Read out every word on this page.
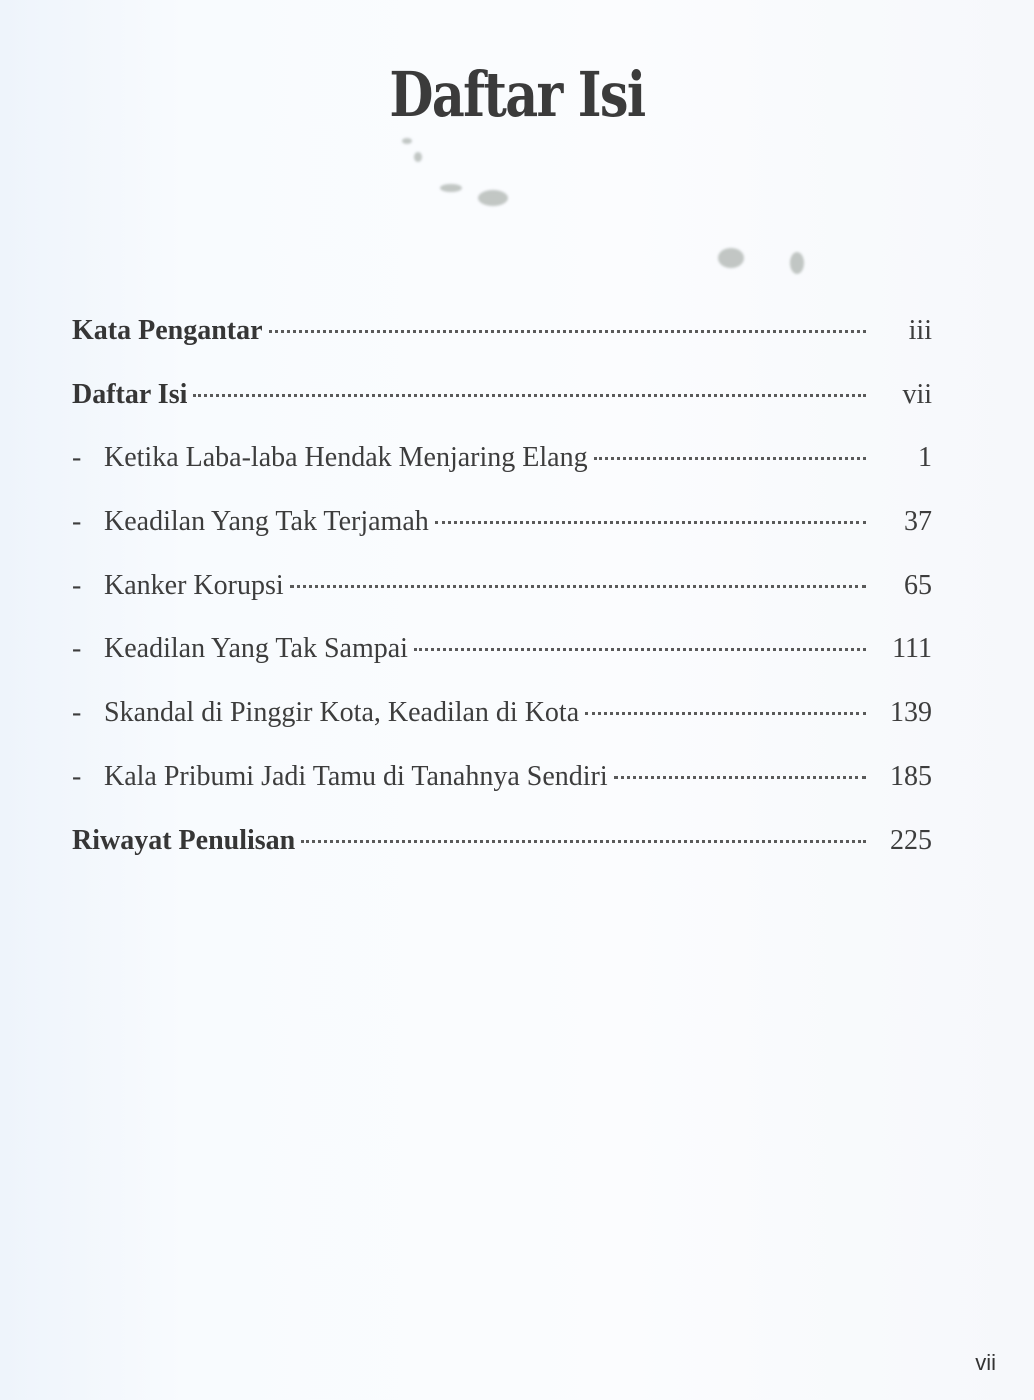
Daftar Isi
Kata Pengantar	iii
Daftar Isi	vii
- Ketika Laba-laba Hendak Menjaring Elang	1
- Keadilan Yang Tak Terjamah	37
- Kanker Korupsi	65
- Keadilan Yang Tak Sampai	111
- Skandal di Pinggir Kota, Keadilan di Kota	139
- Kala Pribumi Jadi Tamu di Tanahnya Sendiri	185
Riwayat Penulisan	225
vii
